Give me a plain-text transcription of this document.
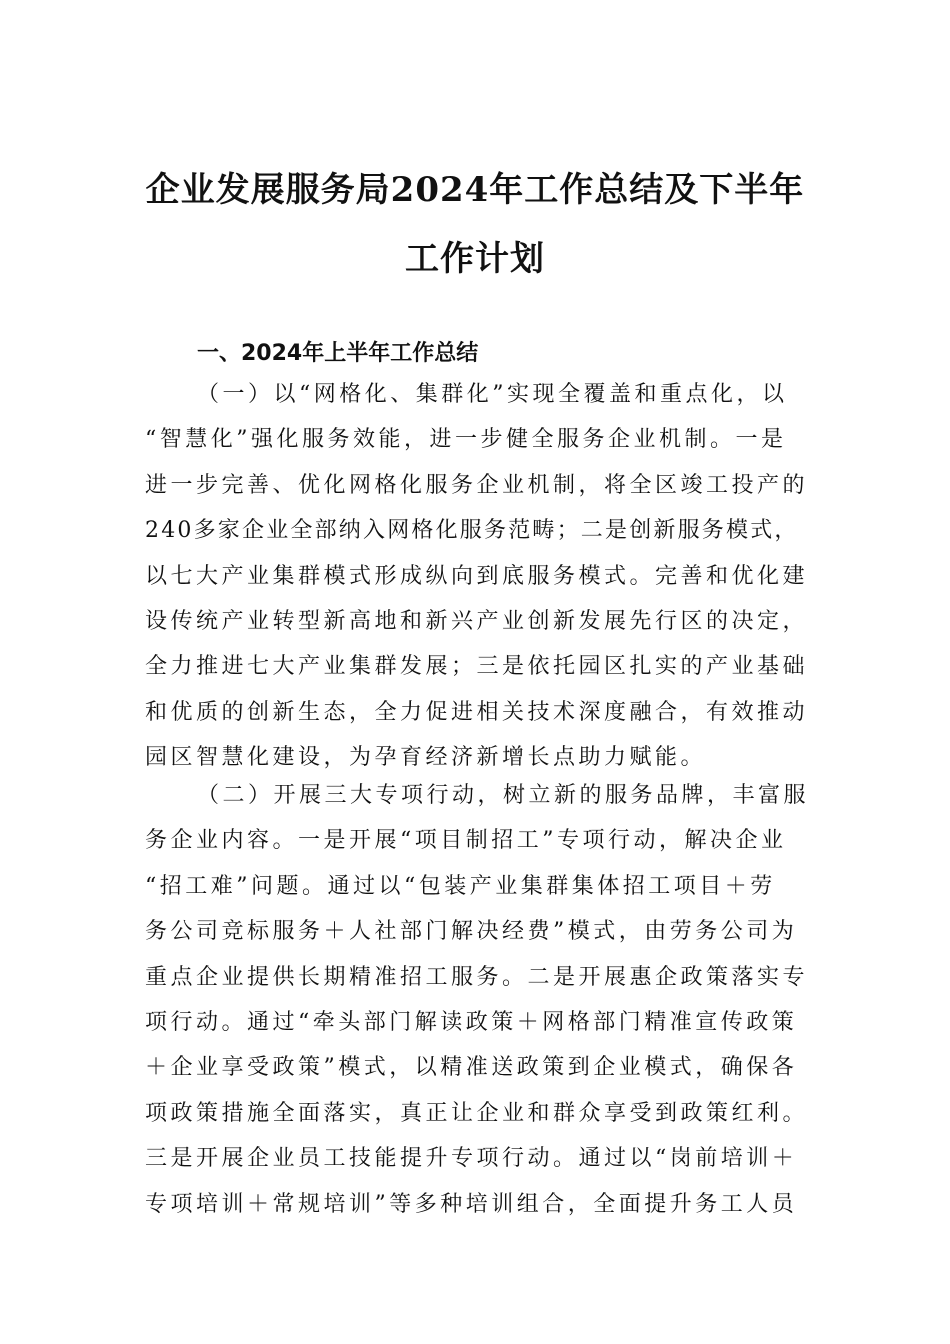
企业发展服务局2024年工作总结及下半年
工作计划
一、2024年上半年工作总结
（一）以“网格化、集群化”实现全覆盖和重点化，以
“智慧化”强化服务效能，进一步健全服务企业机制。一是
进一步完善、优化网格化服务企业机制，将全区竣工投产的
240多家企业全部纳入网格化服务范畴；二是创新服务模式，
以七大产业集群模式形成纵向到底服务模式。完善和优化建
设传统产业转型新高地和新兴产业创新发展先行区的决定，
全力推进七大产业集群发展；三是依托园区扎实的产业基础
和优质的创新生态，全力促进相关技术深度融合，有效推动
园区智慧化建设，为孕育经济新增长点助力赋能。
（二）开展三大专项行动，树立新的服务品牌，丰富服
务企业内容。一是开展“项目制招工”专项行动，解决企业
“招工难”问题。通过以“包装产业集群集体招工项目＋劳
务公司竞标服务＋人社部门解决经费”模式，由劳务公司为
重点企业提供长期精准招工服务。二是开展惠企政策落实专
项行动。通过“牵头部门解读政策＋网格部门精准宣传政策
＋企业享受政策”模式，以精准送政策到企业模式，确保各
项政策措施全面落实，真正让企业和群众享受到政策红利。
三是开展企业员工技能提升专项行动。通过以“岗前培训＋
专项培训＋常规培训”等多种培训组合，全面提升务工人员
